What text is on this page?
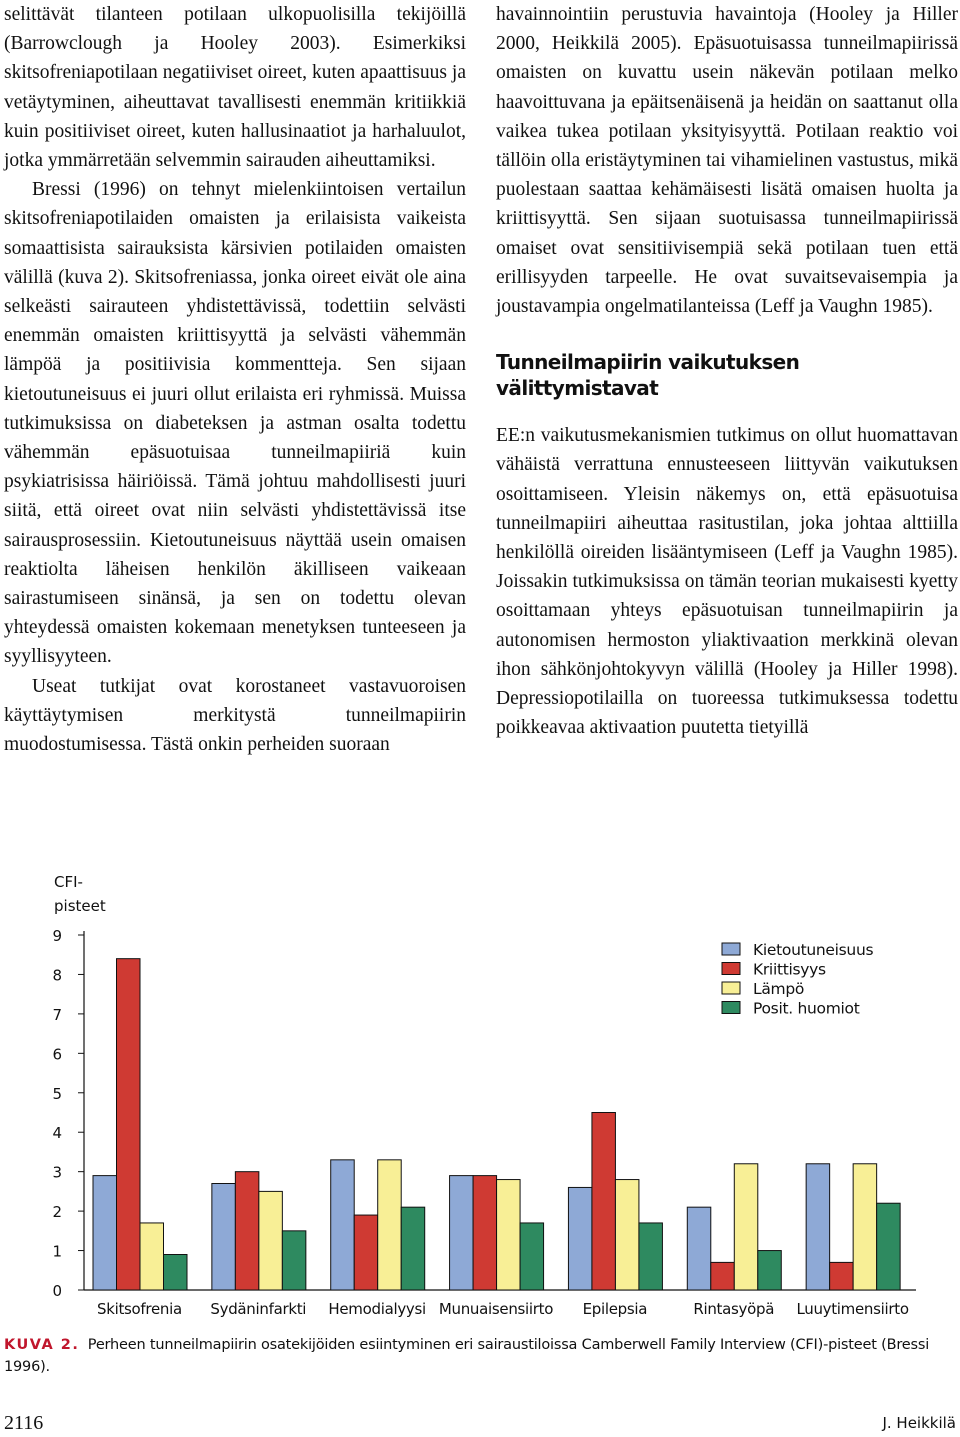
selittävät tilanteen potilaan ulkopuolisilla tekijöillä (Barrowclough ja Hooley 2003). Esimerkiksi skitsofreniapotilaan negatiiviset oireet, kuten apaattisuus ja vetäytyminen, aiheuttavat tavallisesti enemmän kritiikkiä kuin positiiviset oireet, kuten hallusinaatiot ja harhaluulot, jotka ymmärretään selvemmin sairauden aiheuttamiksi.

Bressi (1996) on tehnyt mielenkiintoisen vertailun skitsofreniapotilaiden omaisten ja erilaisista vaikeista somaattisista sairauksista kärsivien potilaiden omaisten välillä (kuva 2). Skitsofreniassa, jonka oireet eivät ole aina selkeästi sairauteen yhdistettävissä, todettiin selvästi enemmän omaisten kriittisyyttä ja selvästi vähemmän lämpöä ja positiivisia kommentteja. Sen sijaan kietoutuneisuus ei juuri ollut erilaista eri ryhmissä. Muissa tutkimuksissa on diabeteksen ja astman osalta todettu vähemmän epäsuotuisaa tunneilmapiiriä kuin psykiatrisissa häiriöissä. Tämä johtuu mahdollisesti juuri siitä, että oireet ovat niin selvästi yhdistettävissä itse sairausprosessiin. Kietoutuneisuus näyttää usein omaisen reaktiolta läheisen henkilön äkilliseen vaikeaan sairastumiseen sinänsä, ja sen on todettu olevan yhteydessä omaisten kokemaan menetyksen tunteeseen ja syyllisyyteen.

Useat tutkijat ovat korostaneet vastavuoroisen käyttäytymisen merkitystä tunneilmapiirin muodostumisessa. Tästä onkin perheiden suoraan

havainnointiin perustuvia havaintoja (Hooley ja Hiller 2000, Heikkilä 2005). Epäsuotuisassa tunneilmapiirissä omaisten on kuvattu usein näkevän potilaan melko haavoittuvana ja epäitsenäisenä ja heidän on saattanut olla vaikea tukea potilaan yksityisyyttä. Potilaan reaktio voi tällöin olla eristäytyminen tai vihamielinen vastustus, mikä puolestaan saattaa kehämäisesti lisätä omaisen huolta ja kriittisyyttä. Sen sijaan suotuisassa tunneilmapiirissä omaiset ovat sensitiivisempiä sekä potilaan tuen että erillisyyden tarpeelle. He ovat suvaitsevaisempia ja joustavampia ongelmatilanteissa (Leff ja Vaughn 1985).

Tunneilmapiirin vaikutuksen välittymistavat

EE:n vaikutusmekanismien tutkimus on ollut huomattavan vähäistä verrattuna ennusteeseen liittyvän vaikutuksen osoittamiseen. Yleisin näkemys on, että epäsuotuisa tunneilmapiiri aiheuttaa rasitustilan, joka johtaa alttiilla henkilöllä oireiden lisääntymiseen (Leff ja Vaughn 1985). Joissakin tutkimuksissa on tämän teorian mukaisesti kyetty osoittamaan yhteys epäsuotuisan tunneilmapiirin ja autonomisen hermoston yliaktivaation merkkinä olevan ihon sähkönjohtokyvyn välillä (Hooley ja Hiller 1998). Depressiopotilailla on tuoreessa tutkimuksessa todettu poikkeavaa aktivaation puutetta tietyillä

CFI-
pisteet
0
1
2
3
4
5
6
7
8
9
Skitsofrenia Sydäninfarkti Hemodialyysi Munuaisensiirto Epilepsia	Rintasyöpä Luuytimensiirto
Kietoutuneisuus
Kriittisyys
Lämpö
Posit. huomiot
KUVA 2. Perheen tunneilmapiirin osatekijöiden esiintyminen eri sairaustiloissa Camberwell Family Interview (CFI)-pisteet (Bressi 1996).
2116	J. Heikkilä
